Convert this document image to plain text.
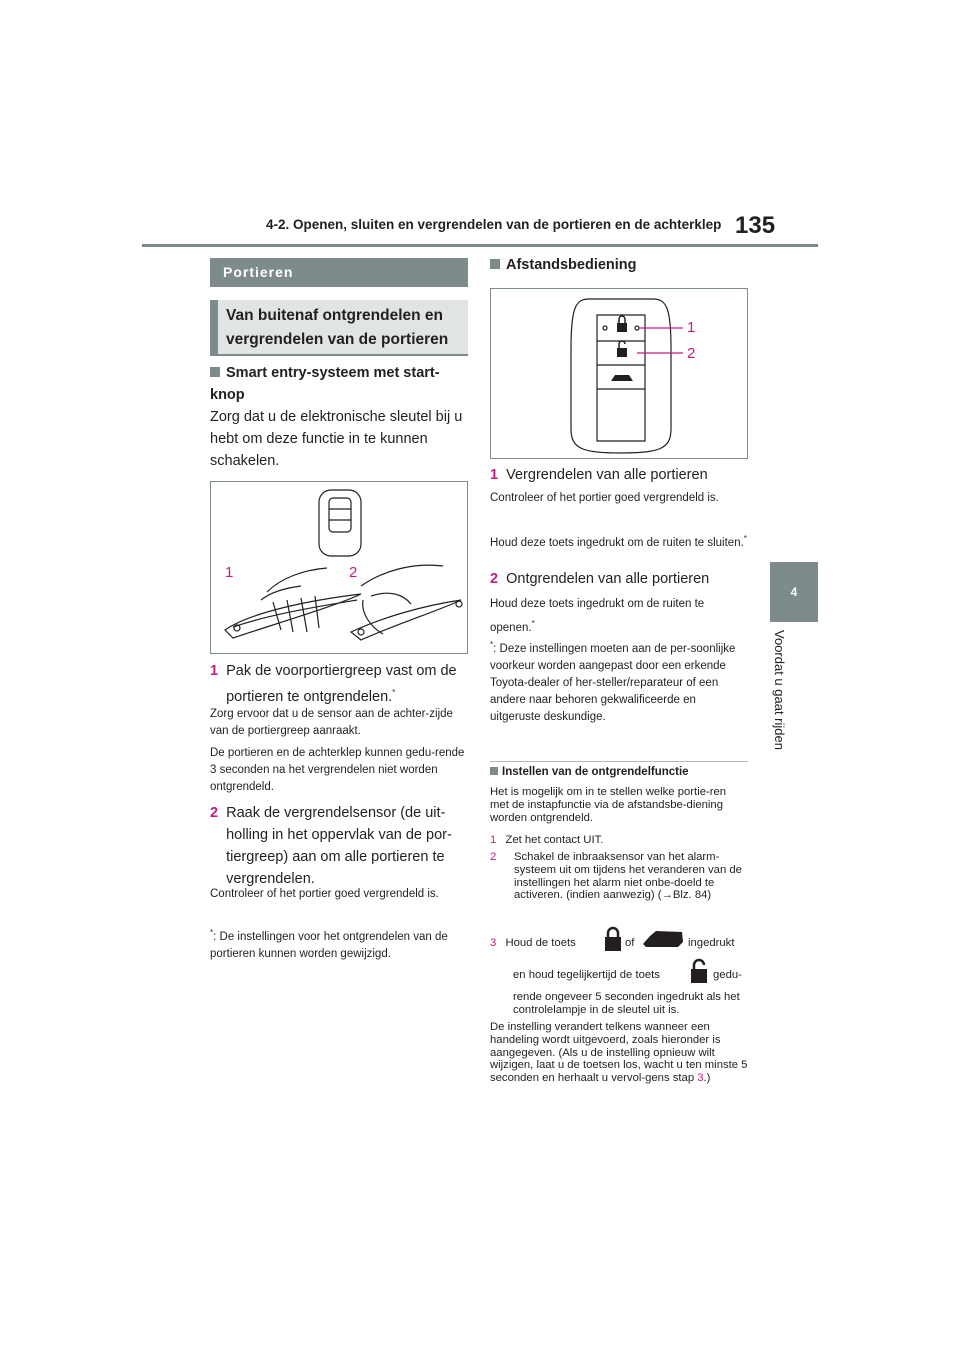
4-2. Openen, sluiten en vergrendelen van de portieren en de achterklep 135
4
Voordat u gaat rijden
Portieren
Van buitenaf ontgrendelen en vergrendelen van de portieren
Smart entry-systeem met start-knop
Zorg dat u de elektronische sleutel bij u hebt om deze functie in te kunnen schakelen.
1	2
1 Pak de voorportiergreep vast om de portieren te ontgrendelen.*
Zorg ervoor dat u de sensor aan de achter-zijde van de portiergreep aanraakt.
De portieren en de achterklep kunnen gedu-rende 3 seconden na het vergrendelen niet worden ontgrendeld.
2 Raak de vergrendelsensor (de uit-holling in het oppervlak van de por-tiergreep) aan om alle portieren te vergrendelen.
Controleer of het portier goed vergrendeld is.
*: De instellingen voor het ontgrendelen van de portieren kunnen worden gewijzigd.
Afstandsbediening
1
2
1 Vergrendelen van alle portieren
Controleer of het portier goed vergrendeld is.
Houd deze toets ingedrukt om de ruiten te sluiten.*
2 Ontgrendelen van alle portieren
Houd deze toets ingedrukt om de ruiten te openen.*
*: Deze instellingen moeten aan de per-soonlijke voorkeur worden aangepast door een erkende Toyota-dealer of her-steller/reparateur of een andere naar behoren gekwalificeerde en uitgeruste deskundige.
Instellen van de ontgrendelfunctie
Het is mogelijk om in te stellen welke portie-ren met de instapfunctie via de afstandsbe-diening worden ontgrendeld.
1 Zet het contact UIT.
2 Schakel de inbraaksensor van het alarm-systeem uit om tijdens het veranderen van de instellingen het alarm niet onbe-doeld te activeren. (indien aanwezig) (→Blz. 84)
3 Houd de toets	of	ingedrukt
en houd tegelijkertijd de toets	gedu-
rende ongeveer 5 seconden ingedrukt als het controlelampje in de sleutel uit is.
De instelling verandert telkens wanneer een handeling wordt uitgevoerd, zoals hieronder is aangegeven. (Als u de instelling opnieuw wilt wijzigen, laat u de toetsen los, wacht u ten minste 5 seconden en herhaalt u vervol-gens stap 3.)
